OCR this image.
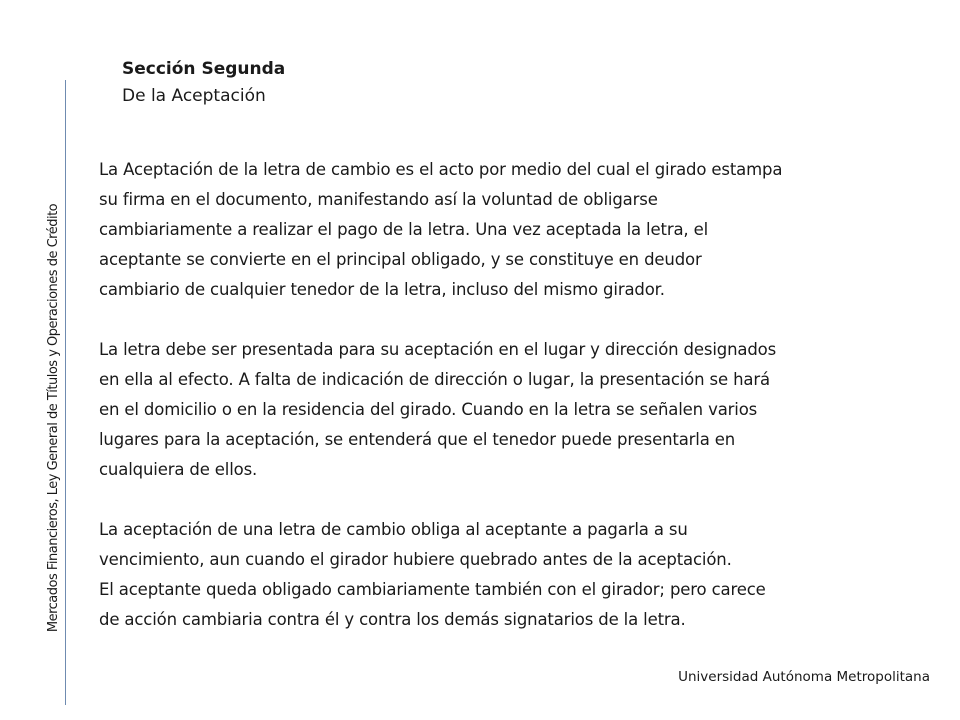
Mercados Financieros, Ley General de Títulos y Operaciones de Crédito
Sección Segunda
De la Aceptación

La Aceptación de la letra de cambio es el acto por medio del cual el girado estampa
su firma en el documento, manifestando así la voluntad de obligarse
cambiariamente a realizar el pago de la letra. Una vez aceptada la letra, el
aceptante se convierte en el principal obligado, y se constituye en deudor
cambiario de cualquier tenedor de la letra, incluso del mismo girador.

La letra debe ser presentada para su aceptación en el lugar y dirección designados
en ella al efecto. A falta de indicación de dirección o lugar, la presentación se hará
en el domicilio o en la residencia del girado. Cuando en la letra se señalen varios
lugares para la aceptación, se entenderá que el tenedor puede presentarla en
cualquiera de ellos.

La aceptación de una letra de cambio obliga al aceptante a pagarla a su
vencimiento, aun cuando el girador hubiere quebrado antes de la aceptación.
El aceptante queda obligado cambiariamente también con el girador; pero carece
de acción cambiaria contra él y contra los demás signatarios de la letra.

Universidad Autónoma Metropolitana
